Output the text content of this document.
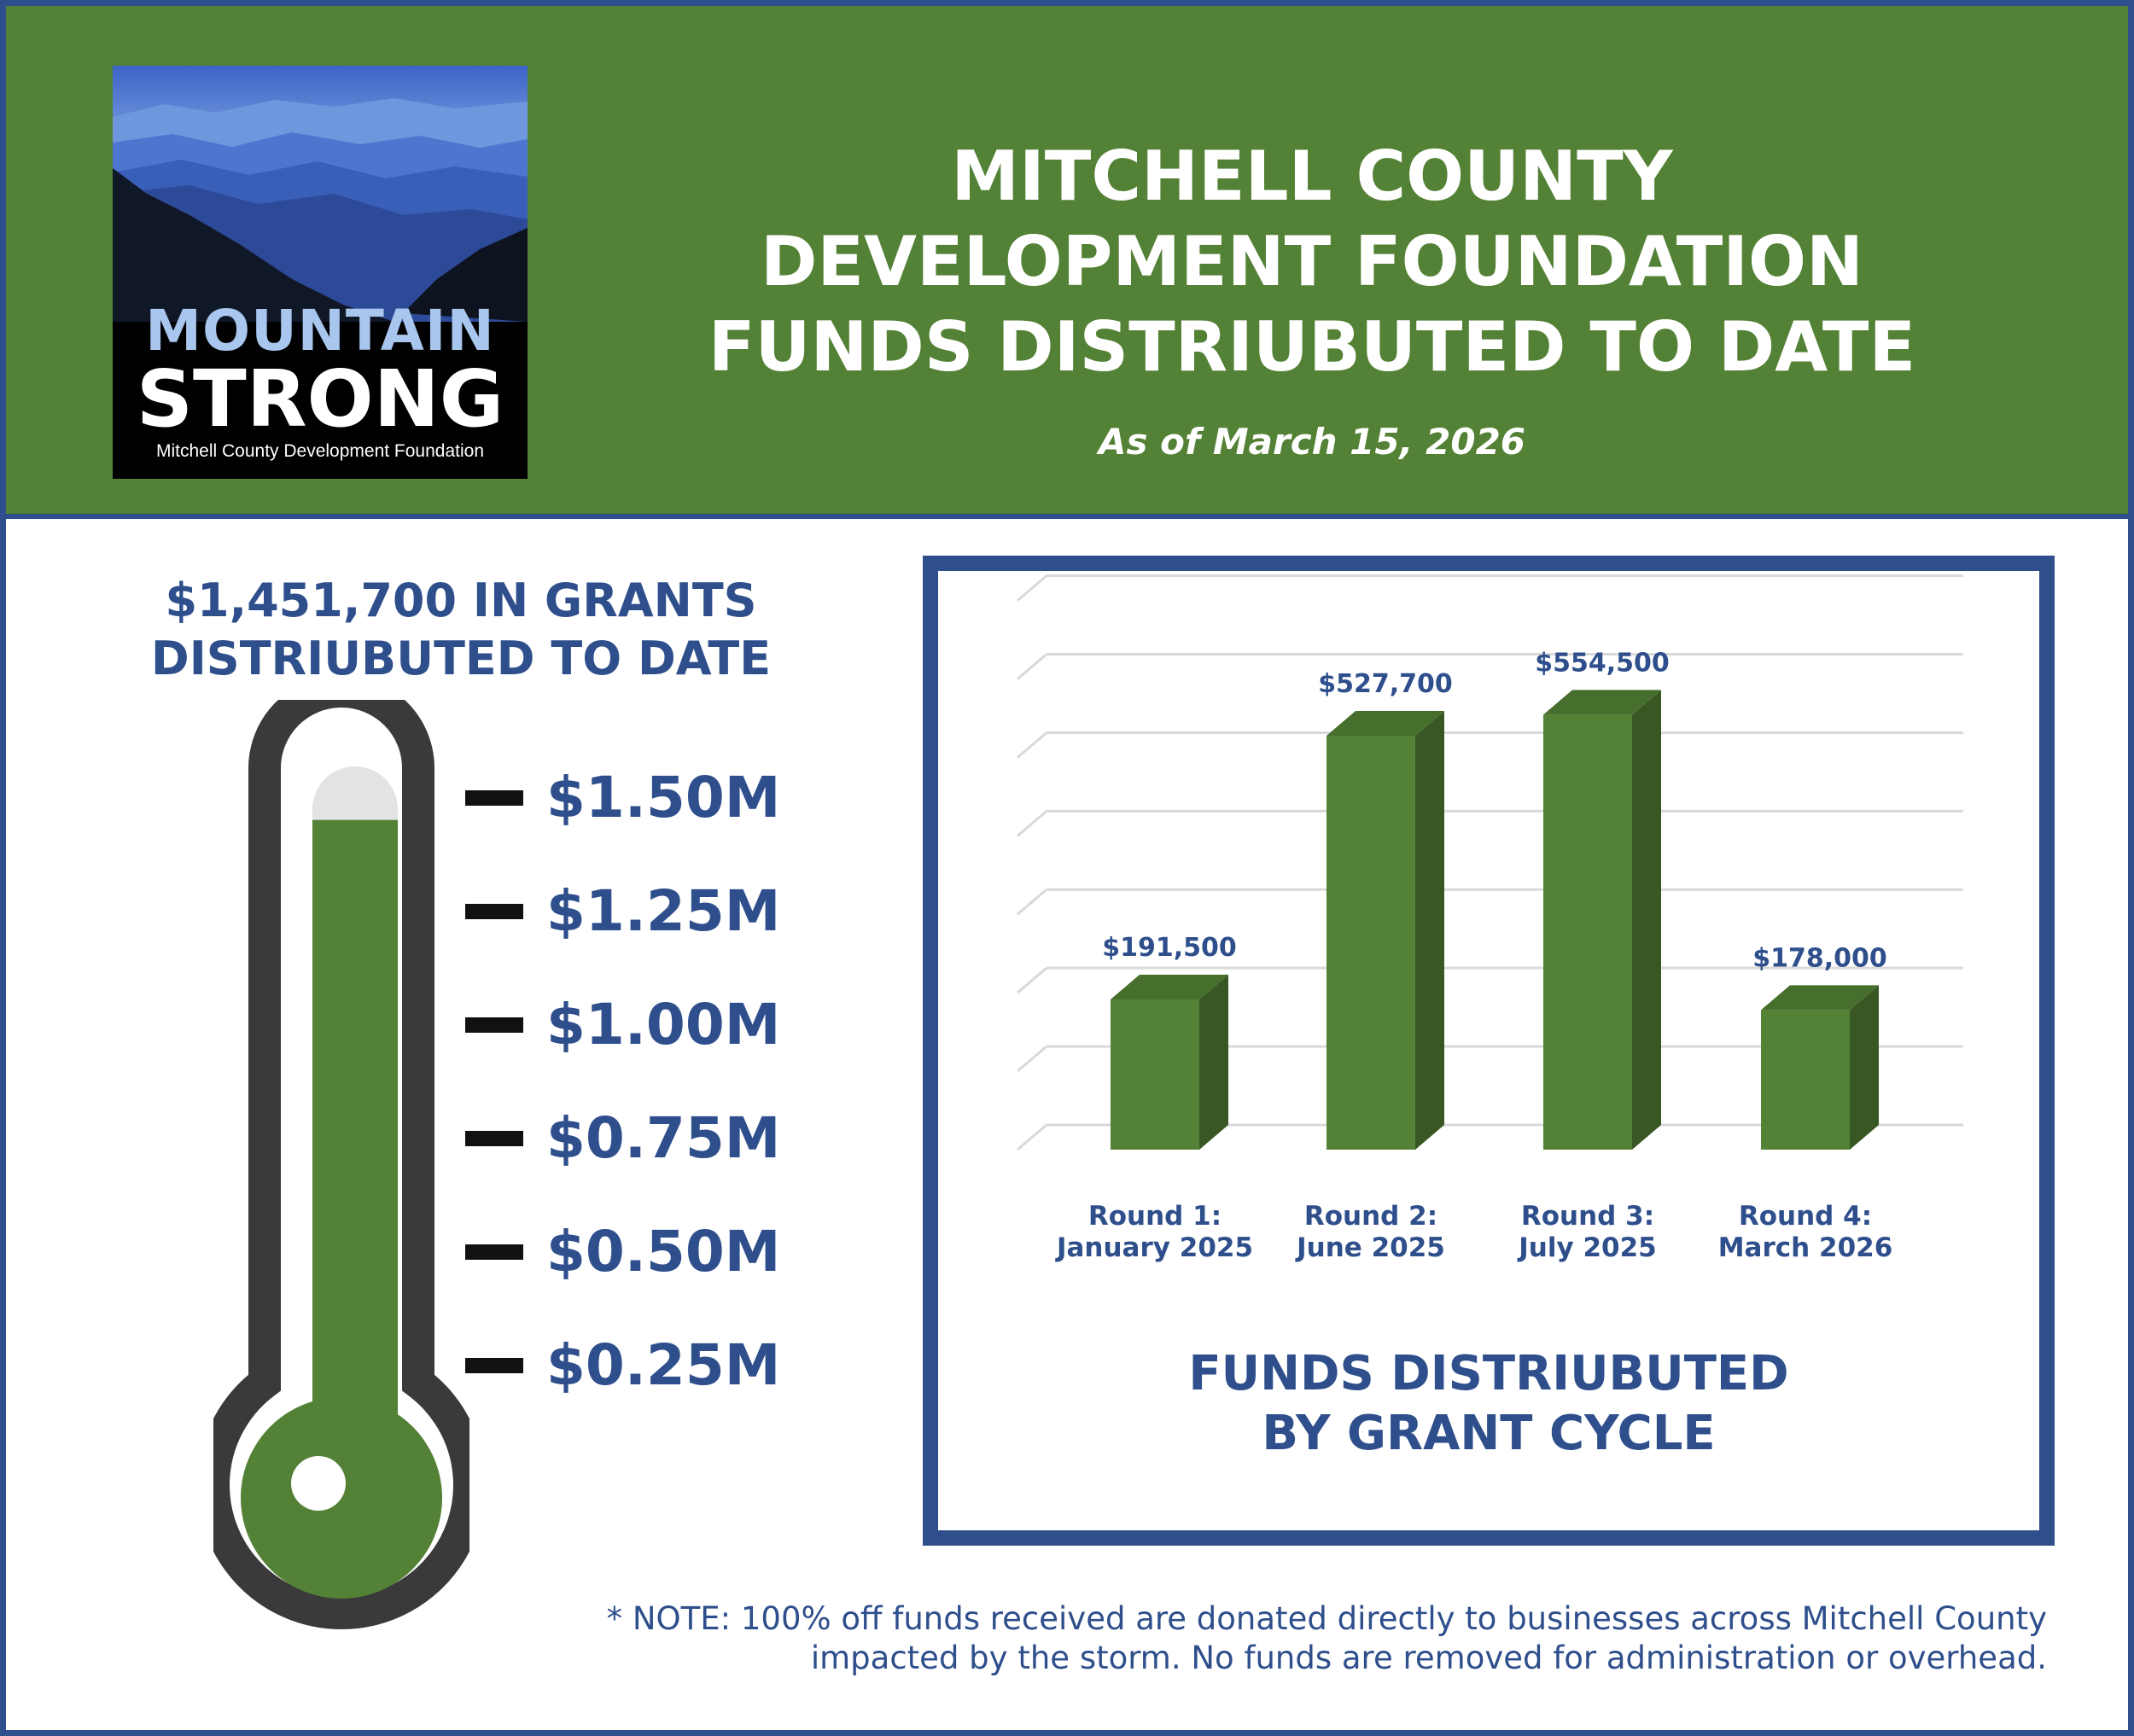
MOUNTAIN
STRONG
Mitchell County Development Foundation
MITCHELL COUNTY
DEVELOPMENT FOUNDATION
FUNDS DISTRIUBUTED TO DATE
As of March 15, 2026
$1,451,700 IN GRANTS
DISTRIUBUTED TO DATE
$1.50M
$1.25M
$1.00M
$0.75M
$0.50M
$0.25M
$191,500
Round 1:
January 2025
$527,700
Round 2:
June 2025
$554,500
Round 3:
July 2025
$178,000
Round 4:
March 2026
FUNDS DISTRIUBUTED
BY GRANT CYCLE
* NOTE: 100% off funds received are donated directly to businesses across Mitchell County
impacted by the storm. No funds are removed for administration or overhead.
